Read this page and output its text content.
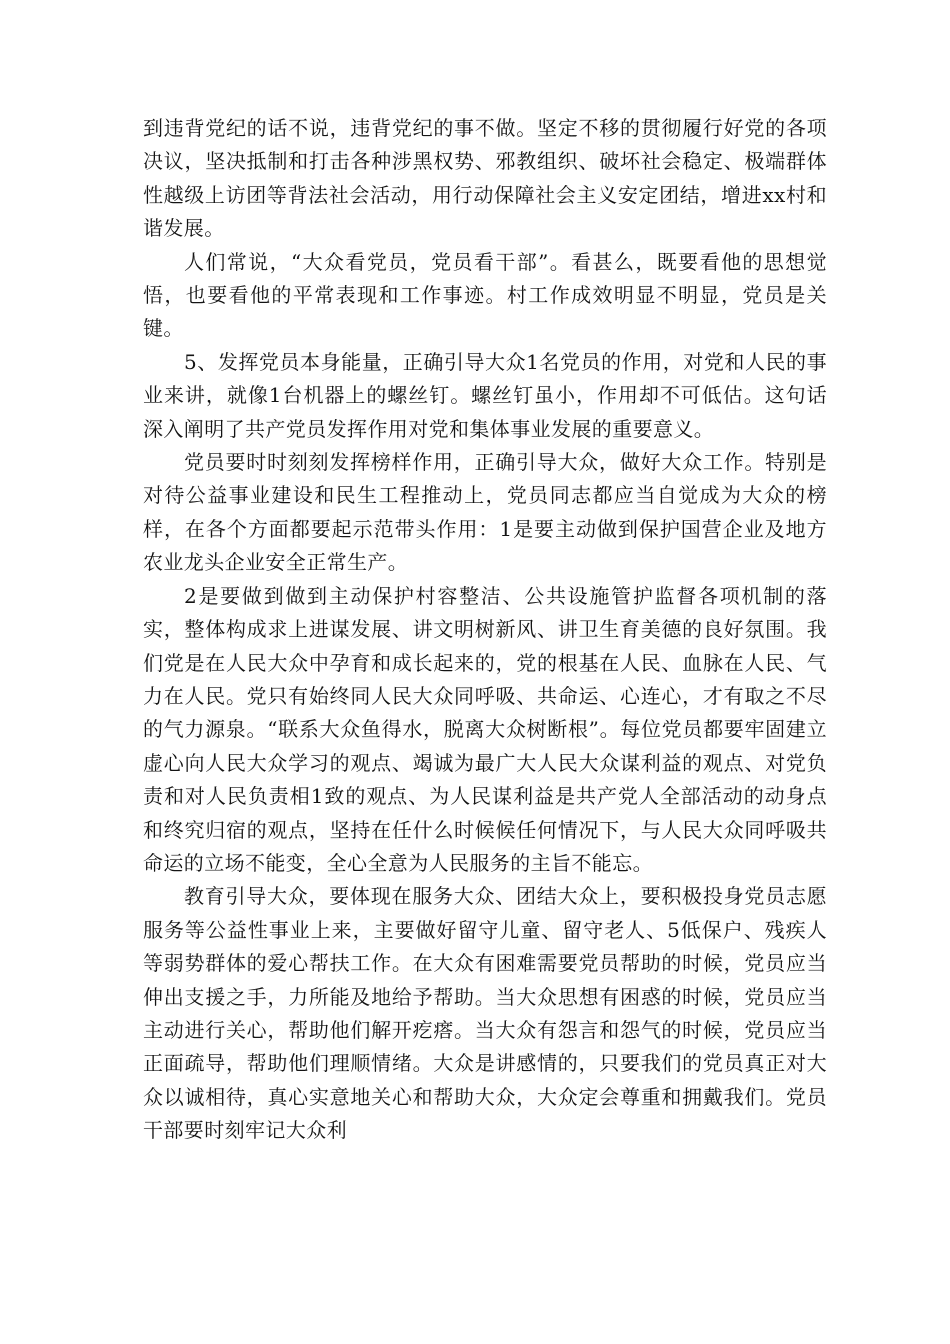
到违背党纪的话不说，违背党纪的事不做。坚定不移的贯彻履行好党的各项决议，坚决抵制和打击各种涉黑权势、邪教组织、破坏社会稳定、极端群体性越级上访团等背法社会活动，用行动保障社会主义安定团结，增进xx村和谐发展。

人们常说，“大众看党员，党员看干部”。看甚么，既要看他的思想觉悟，也要看他的平常表现和工作事迹。村工作成效明显不明显，党员是关键。

5、发挥党员本身能量，正确引导大众1名党员的作用，对党和人民的事业来讲，就像1台机器上的螺丝钉。螺丝钉虽小，作用却不可低估。这句话深入阐明了共产党员发挥作用对党和集体事业发展的重要意义。

党员要时时刻刻发挥榜样作用，正确引导大众，做好大众工作。特别是对待公益事业建设和民生工程推动上，党员同志都应当自觉成为大众的榜样，在各个方面都要起示范带头作用：1是要主动做到保护国营企业及地方农业龙头企业安全正常生产。

2是要做到做到主动保护村容整洁、公共设施管护监督各项机制的落实，整体构成求上进谋发展、讲文明树新风、讲卫生育美德的良好氛围。我们党是在人民大众中孕育和成长起来的，党的根基在人民、血脉在人民、气力在人民。党只有始终同人民大众同呼吸、共命运、心连心，才有取之不尽的气力源泉。“联系大众鱼得水，脱离大众树断根”。每位党员都要牢固建立虚心向人民大众学习的观点、竭诚为最广大人民大众谋利益的观点、对党负责和对人民负责相1致的观点、为人民谋利益是共产党人全部活动的动身点和终究归宿的观点，坚持在任什么时候候任何情况下，与人民大众同呼吸共命运的立场不能变，全心全意为人民服务的主旨不能忘。

教育引导大众，要体现在服务大众、团结大众上，要积极投身党员志愿服务等公益性事业上来，主要做好留守儿童、留守老人、5低保户、残疾人等弱势群体的爱心帮扶工作。在大众有困难需要党员帮助的时候，党员应当伸出支援之手，力所能及地给予帮助。当大众思想有困惑的时候，党员应当主动进行关心，帮助他们解开疙瘩。当大众有怨言和怨气的时候，党员应当正面疏导，帮助他们理顺情绪。大众是讲感情的，只要我们的党员真正对大众以诚相待，真心实意地关心和帮助大众，大众定会尊重和拥戴我们。党员干部要时刻牢记大众利
